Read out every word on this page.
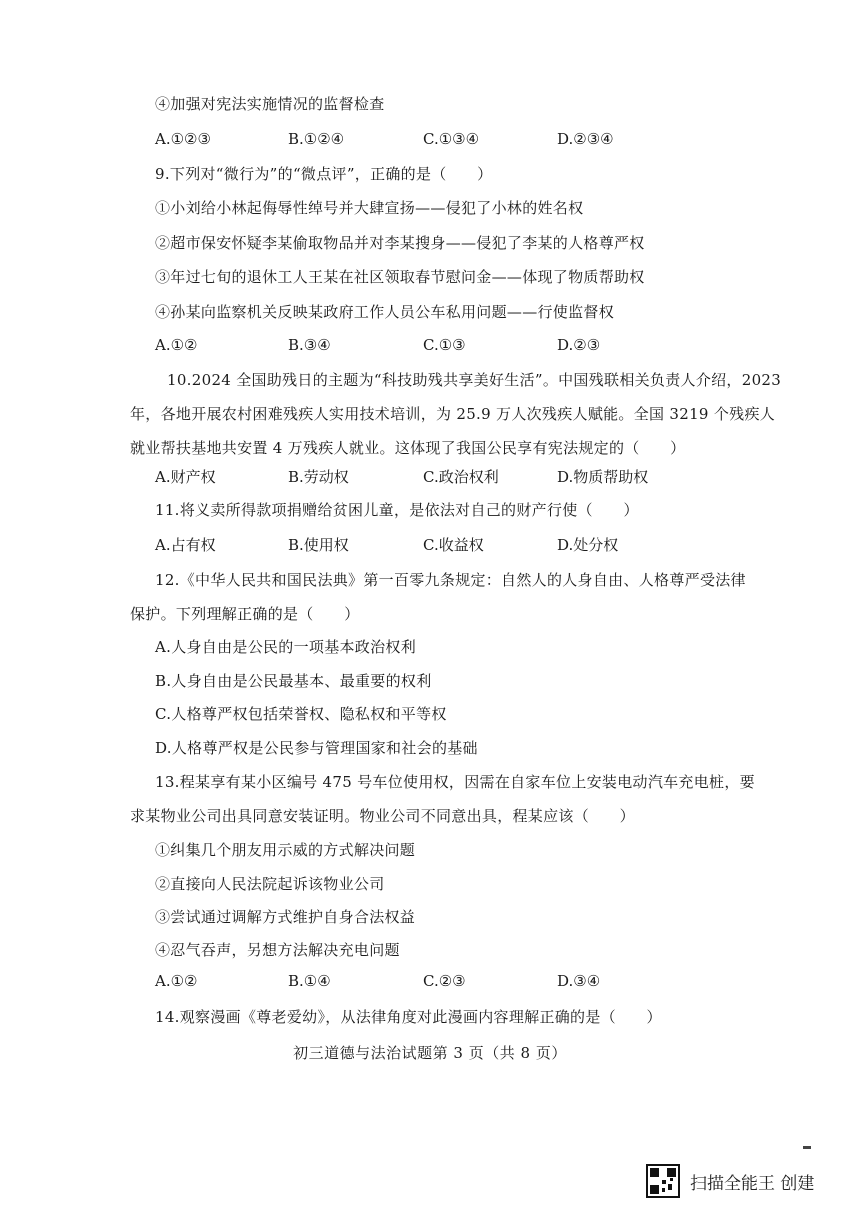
④加强对宪法实施情况的监督检查
A.①②③	B.①②④	C.①③④	D.②③④
9.下列对“微行为”的“微点评”，正确的是（　　）
①小刘给小林起侮辱性绰号并大肆宣扬——侵犯了小林的姓名权
②超市保安怀疑李某偷取物品并对李某搜身——侵犯了李某的人格尊严权
③年过七旬的退休工人王某在社区领取春节慰问金——体现了物质帮助权
④孙某向监察机关反映某政府工作人员公车私用问题——行使监督权
A.①②	B.③④	C.①③	D.②③
10.2024 全国助残日的主题为“科技助残共享美好生活”。中国残联相关负责人介绍，2023
年，各地开展农村困难残疾人实用技术培训，为 25.9 万人次残疾人赋能。全国 3219 个残疾人
就业帮扶基地共安置 4 万残疾人就业。这体现了我国公民享有宪法规定的（　　）
A.财产权	B.劳动权	C.政治权利	D.物质帮助权
11.将义卖所得款项捐赠给贫困儿童，是依法对自己的财产行使（　　）
A.占有权	B.使用权	C.收益权	D.处分权
12.《中华人民共和国民法典》第一百零九条规定：自然人的人身自由、人格尊严受法律
保护。下列理解正确的是（　　）
A.人身自由是公民的一项基本政治权利
B.人身自由是公民最基本、最重要的权利
C.人格尊严权包括荣誉权、隐私权和平等权
D.人格尊严权是公民参与管理国家和社会的基础
13.程某享有某小区编号 475 号车位使用权，因需在自家车位上安装电动汽车充电桩，要
求某物业公司出具同意安装证明。物业公司不同意出具，程某应该（　　）
①纠集几个朋友用示威的方式解决问题
②直接向人民法院起诉该物业公司
③尝试通过调解方式维护自身合法权益
④忍气吞声，另想方法解决充电问题
A.①②	B.①④	C.②③	D.③④
14.观察漫画《尊老爱幼》，从法律角度对此漫画内容理解正确的是（　　）
初三道德与法治试题第 3 页（共 8 页）
扫描全能王 创建
